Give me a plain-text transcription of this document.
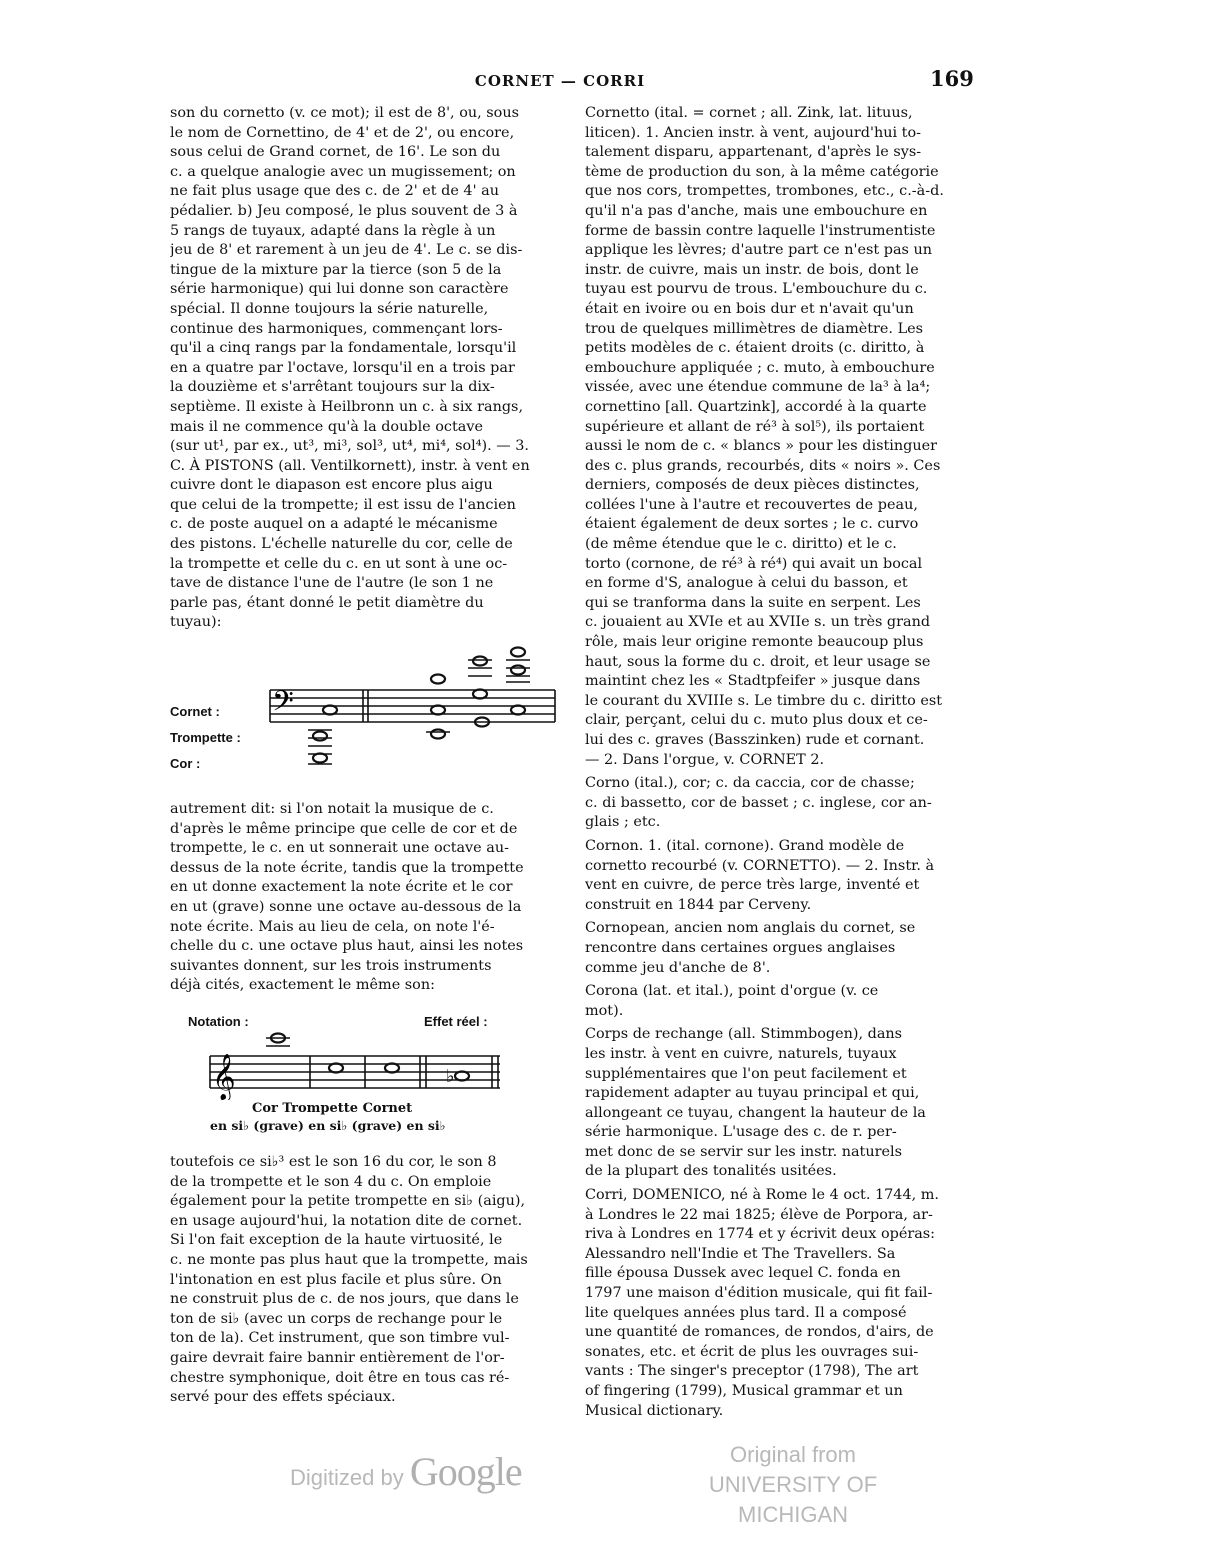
CORNET — CORRI	169
son du cornetto (v. ce mot); il est de 8', ou, sous
le nom de Cornettino, de 4' et de 2', ou encore,
sous celui de Grand cornet, de 16'. Le son du
c. a quelque analogie avec un mugissement; on
ne fait plus usage que des c. de 2' et de 4' au
pédalier. b) Jeu composé, le plus souvent de 3 à
5 rangs de tuyaux, adapté dans la règle à un
jeu de 8' et rarement à un jeu de 4'. Le c. se dis-
tingue de la mixture par la tierce (son 5 de la
série harmonique) qui lui donne son caractère
spécial. Il donne toujours la série naturelle,
continue des harmoniques, commençant lors-
qu'il a cinq rangs par la fondamentale, lorsqu'il
en a quatre par l'octave, lorsqu'il en a trois par
la douzième et s'arrêtant toujours sur la dix-
septième. Il existe à Heilbronn un c. à six rangs,
mais il ne commence qu'à la double octave
(sur ut¹, par ex., ut³, mi³, sol³, ut⁴, mi⁴, sol⁴). — 3.
C. À PISTONS (all. Ventilkornett), instr. à vent en
cuivre dont le diapason est encore plus aigu
que celui de la trompette; il est issu de l'ancien
c. de poste auquel on a adapté le mécanisme
des pistons. L'échelle naturelle du cor, celle de
la trompette et celle du c. en ut sont à une oc-
tave de distance l'une de l'autre (le son 1 ne
parle pas, étant donné le petit diamètre du
tuyau):
Cornet :
Trompette :
Cor :
𝄢
autrement dit: si l'on notait la musique de c.
d'après le même principe que celle de cor et de
trompette, le c. en ut sonnerait une octave au-
dessus de la note écrite, tandis que la trompette
en ut donne exactement la note écrite et le cor
en ut (grave) sonne une octave au-dessous de la
note écrite. Mais au lieu de cela, on note l'é-
chelle du c. une octave plus haut, ainsi les notes
suivantes donnent, sur les trois instruments
déjà cités, exactement le même son:
Notation :	Effet réel :
𝄞	♭
Cor Trompette Cornet
en si♭ (grave) en si♭ (grave) en si♭
toutefois ce si♭³ est le son 16 du cor, le son 8
de la trompette et le son 4 du c. On emploie
également pour la petite trompette en si♭ (aigu),
en usage aujourd'hui, la notation dite de cornet.
Si l'on fait exception de la haute virtuosité, le
c. ne monte pas plus haut que la trompette, mais
l'intonation en est plus facile et plus sûre. On
ne construit plus de c. de nos jours, que dans le
ton de si♭ (avec un corps de rechange pour le
ton de la). Cet instrument, que son timbre vul-
gaire devrait faire bannir entièrement de l'or-
chestre symphonique, doit être en tous cas ré-
servé pour des effets spéciaux.
Cornetto (ital. = cornet ; all. Zink, lat. lituus,
liticen). 1. Ancien instr. à vent, aujourd'hui to-
talement disparu, appartenant, d'après le sys-
tème de production du son, à la même catégorie
que nos cors, trompettes, trombones, etc., c.-à-d.
qu'il n'a pas d'anche, mais une embouchure en
forme de bassin contre laquelle l'instrumentiste
applique les lèvres; d'autre part ce n'est pas un
instr. de cuivre, mais un instr. de bois, dont le
tuyau est pourvu de trous. L'embouchure du c.
était en ivoire ou en bois dur et n'avait qu'un
trou de quelques millimètres de diamètre. Les
petits modèles de c. étaient droits (c. diritto, à
embouchure appliquée ; c. muto, à embouchure
vissée, avec une étendue commune de la³ à la⁴;
cornettino [all. Quartzink], accordé à la quarte
supérieure et allant de ré³ à sol⁵), ils portaient
aussi le nom de c. « blancs » pour les distinguer
des c. plus grands, recourbés, dits « noirs ». Ces
derniers, composés de deux pièces distinctes,
collées l'une à l'autre et recouvertes de peau,
étaient également de deux sortes ; le c. curvo
(de même étendue que le c. diritto) et le c.
torto (cornone, de ré³ à ré⁴) qui avait un bocal
en forme d'S, analogue à celui du basson, et
qui se tranforma dans la suite en serpent. Les
c. jouaient au XVIe et au XVIIe s. un très grand
rôle, mais leur origine remonte beaucoup plus
haut, sous la forme du c. droit, et leur usage se
maintint chez les « Stadtpfeifer » jusque dans
le courant du XVIIIe s. Le timbre du c. diritto est
clair, perçant, celui du c. muto plus doux et ce-
lui des c. graves (Basszinken) rude et cornant.
— 2. Dans l'orgue, v. CORNET 2.
Corno (ital.), cor; c. da caccia, cor de chasse;
c. di bassetto, cor de basset ; c. inglese, cor an-
glais ; etc.
Cornon. 1. (ital. cornone). Grand modèle de
cornetto recourbé (v. CORNETTO). — 2. Instr. à
vent en cuivre, de perce très large, inventé et
construit en 1844 par Cerveny.
Cornopean, ancien nom anglais du cornet, se
rencontre dans certaines orgues anglaises
comme jeu d'anche de 8'.
Corona (lat. et ital.), point d'orgue (v. ce
mot).
Corps de rechange (all. Stimmbogen), dans
les instr. à vent en cuivre, naturels, tuyaux
supplémentaires que l'on peut facilement et
rapidement adapter au tuyau principal et qui,
allongeant ce tuyau, changent la hauteur de la
série harmonique. L'usage des c. de r. per-
met donc de se servir sur les instr. naturels
de la plupart des tonalités usitées.
Corri, DOMENICO, né à Rome le 4 oct. 1744, m.
à Londres le 22 mai 1825; élève de Porpora, ar-
riva à Londres en 1774 et y écrivit deux opéras:
Alessandro nell'Indie et The Travellers. Sa
fille épousa Dussek avec lequel C. fonda en
1797 une maison d'édition musicale, qui fit fail-
lite quelques années plus tard. Il a composé
une quantité de romances, de rondos, d'airs, de
sonates, etc. et écrit de plus les ouvrages sui-
vants : The singer's preceptor (1798), The art
of fingering (1799), Musical grammar et un
Musical dictionary.
Digitized by Google	Original from
UNIVERSITY OF MICHIGAN
